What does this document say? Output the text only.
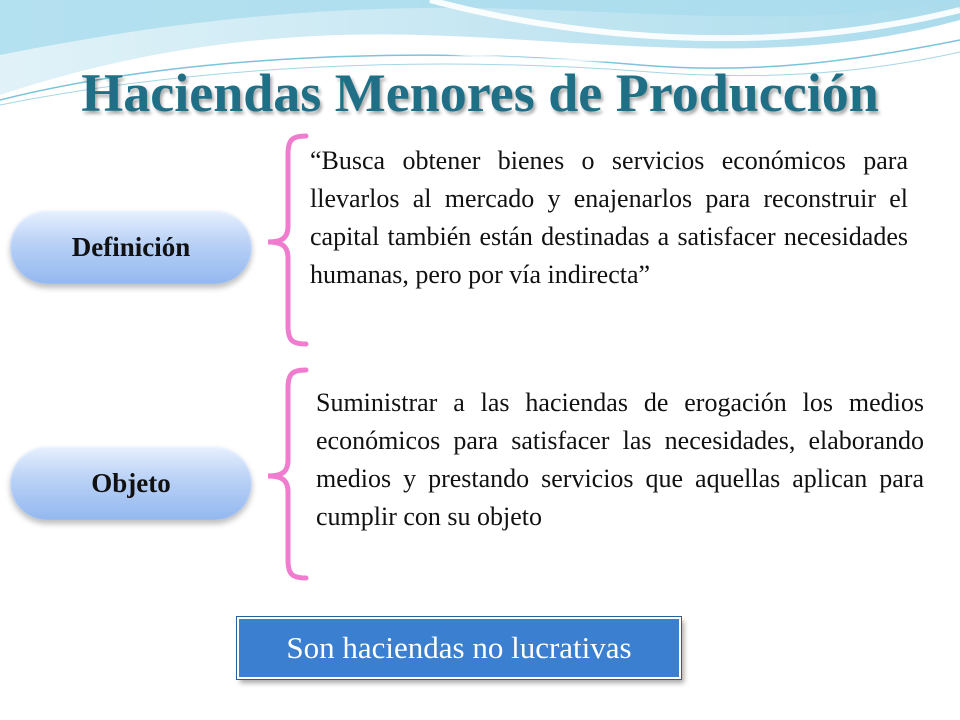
Haciendas Menores de Producción
Definición
“Busca obtener bienes o servicios económicos para llevarlos al mercado y enajenarlos para reconstruir el capital también están destinadas a satisfacer necesidades humanas, pero por vía indirecta”
Objeto
Suministrar a las haciendas de erogación los medios económicos para satisfacer las necesidades, elaborando medios y prestando servicios que aquellas aplican para cumplir con su objeto
Son haciendas no lucrativas
